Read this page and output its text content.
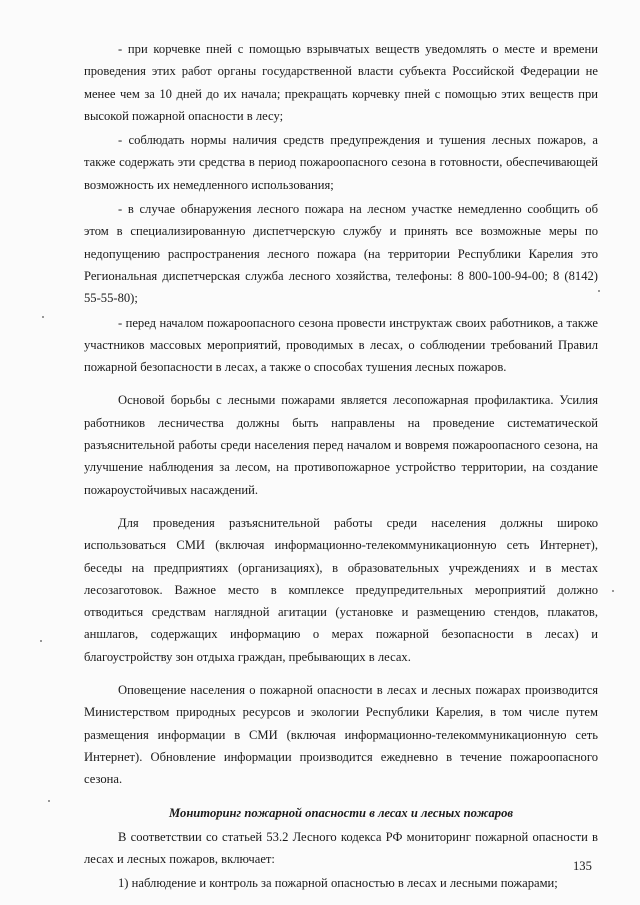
- при корчевке пней с помощью взрывчатых веществ уведомлять о месте и времени проведения этих работ органы государственной власти субъекта Российской Федерации не менее чем за 10 дней до их начала; прекращать корчевку пней с помощью этих веществ при высокой пожарной опасности в лесу;

- соблюдать нормы наличия средств предупреждения и тушения лесных пожаров, а также содержать эти средства в период пожароопасного сезона в готовности, обеспечивающей возможность их немедленного использования;

- в случае обнаружения лесного пожара на лесном участке немедленно сообщить об этом в специализированную диспетчерскую службу и принять все возможные меры по недопущению распространения лесного пожара (на территории Республики Карелия это Региональная диспетчерская служба лесного хозяйства, телефоны: 8 800-100-94-00; 8 (8142) 55-55-80);

- перед началом пожароопасного сезона провести инструктаж своих работников, а также участников массовых мероприятий, проводимых в лесах, о соблюдении требований Правил пожарной безопасности в лесах, а также о способах тушения лесных пожаров.

Основой борьбы с лесными пожарами является лесопожарная профилактика. Усилия работников лесничества должны быть направлены на проведение систематической разъяснительной работы среди населения перед началом и вовремя пожароопасного сезона, на улучшение наблюдения за лесом, на противопожарное устройство территории, на создание пожароустойчивых насаждений.

Для проведения разъяснительной работы среди населения должны широко использоваться СМИ (включая информационно-телекоммуникационную сеть Интернет), беседы на предприятиях (организациях), в образовательных учреждениях и в местах лесозаготовок. Важное место в комплексе предупредительных мероприятий должно отводиться средствам наглядной агитации (установке и размещению стендов, плакатов, аншлагов, содержащих информацию о мерах пожарной безопасности в лесах) и благоустройству зон отдыха граждан, пребывающих в лесах.

Оповещение населения о пожарной опасности в лесах и лесных пожарах производится Министерством природных ресурсов и экологии Республики Карелия, в том числе путем размещения информации в СМИ (включая информационно-телекоммуникационную сеть Интернет). Обновление информации производится ежедневно в течение пожароопасного сезона.

Мониторинг пожарной опасности в лесах и лесных пожаров

В соответствии со статьей 53.2 Лесного кодекса РФ мониторинг пожарной опасности в лесах и лесных пожаров, включает:

1) наблюдение и контроль за пожарной опасностью в лесах и лесными пожарами;

135
